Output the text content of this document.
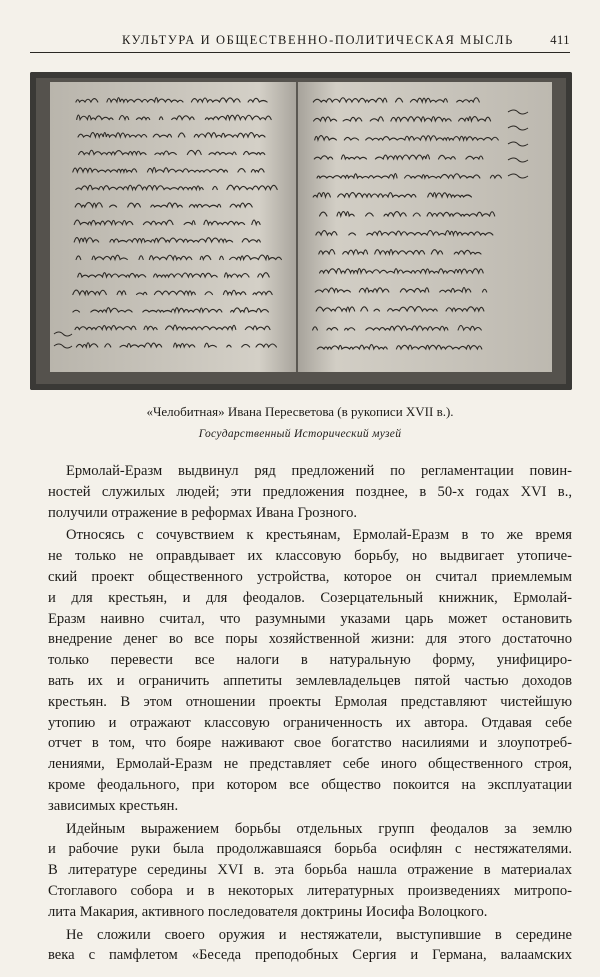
КУЛЬТУРА И ОБЩЕСТВЕННО-ПОЛИТИЧЕСКАЯ МЫСЛЬ	411
«Челобитная» Ивана Пересветова (в рукописи XVII в.).
Государственный Исторический музей
Ермолай-Еразм выдвинул ряд предложений по регламентации повин-
ностей служилых людей; эти предложения позднее, в 50-х годах XVI в.,
получили отражение в реформах Ивана Грозного.
Относясь с сочувствием к крестьянам, Ермолай-Еразм в то же время
не только не оправдывает их классовую борьбу, но выдвигает утопиче-
ский проект общественного устройства, которое он считал приемлемым
и для крестьян, и для феодалов. Созерцательный книжник, Ермолай-
Еразм наивно считал, что разумными указами царь может остановить
внедрение денег во все поры хозяйственной жизни: для этого достаточно
только перевести все налоги в натуральную форму, унифициро-
вать их и ограничить аппетиты землевладельцев пятой частью доходов
крестьян. В этом отношении проекты Ермолая представляют чистейшую
утопию и отражают классовую ограниченность их автора. Отдавая себе
отчет в том, что бояре наживают свое богатство насилиями и злоупотреб-
лениями, Ермолай-Еразм не представляет себе иного общественного строя,
кроме феодального, при котором все общество покоится на эксплуатации
зависимых крестьян.
Идейным выражением борьбы отдельных групп феодалов за землю
и рабочие руки была продолжавшаяся борьба осифлян с нестяжателями.
В литературе середины XVI в. эта борьба нашла отражение в материалах
Стоглавого собора и в некоторых литературных произведениях митропо-
лита Макария, активного последователя доктрины Иосифа Волоцкого.
Не сложили своего оружия и нестяжатели, выступившие в середине
века с памфлетом «Беседа преподобных Сергия и Германа, валаамских
